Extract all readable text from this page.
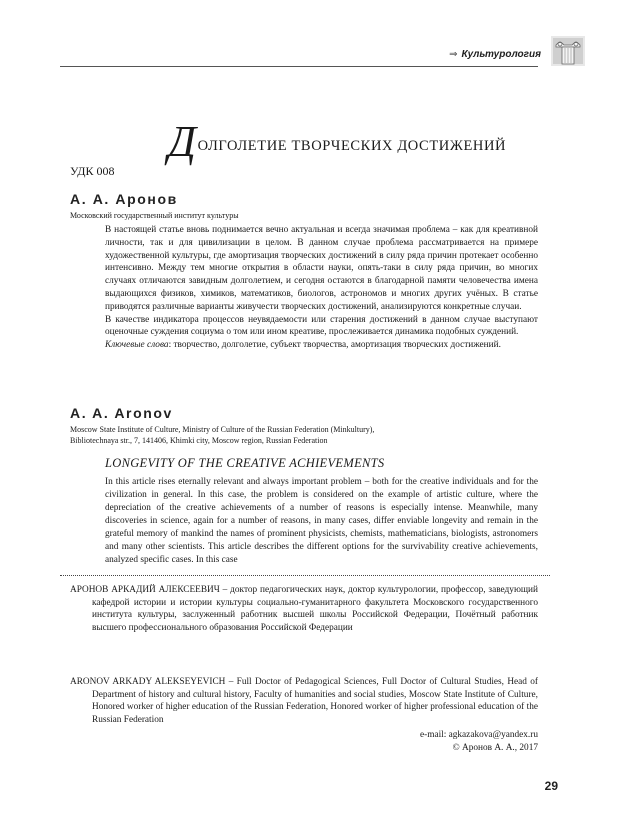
⇒ Культурология
ДОЛГОЛЕТИЕ ТВОРЧЕСКИХ ДОСТИЖЕНИЙ
УДК 008
А. А. Аронов
Московский государственный институт культуры

В настоящей статье вновь поднимается вечно актуальная и всегда значимая проблема – как для креативной личности, так и для цивилизации в целом. В данном случае проблема рассматривается на примере художественной культуры, где амортизация творческих достижений в силу ряда причин протекает особенно интенсивно. Между тем многие открытия в области науки, опять-таки в силу ряда причин, во многих случаях отличаются завидным долголетием, и сегодня остаются в благодарной памяти человечества имена выдающихся физиков, химиков, математиков, биологов, астрономов и многих других учёных. В статье приводятся различные варианты живучести творческих достижений, анализируются конкретные случаи.

В качестве индикатора процессов неувядаемости или старения достижений в данном случае выступают оценочные суждения социума о том или ином креативе, прослеживается динамика подобных суждений.

Ключевые слова: творчество, долголетие, субъект творчества, амортизация творческих достижений.

A. A. Aronov
Moscow State Institute of Culture, Ministry of Culture of the Russian Federation (Minkultury),
Bibliotechnaya str., 7, 141406, Khimki city, Moscow region, Russian Federation
LONGEVITY OF THE CREATIVE ACHIEVEMENTS

In this article rises eternally relevant and always important problem – both for the creative individuals and for the civilization in general. In this case, the problem is considered on the example of artistic culture, where the depreciation of the creative achievements of a number of reasons is especially intense. Meanwhile, many discoveries in science, again for a number of reasons, in many cases, differ enviable longevity and remain in the grateful memory of mankind the names of prominent physicists, chemists, mathematicians, biologists, astronomers and many other scientists. This article describes the different options for the survivability creative achievements, analyzed specific cases. In this case

АРОНОВ АРКАДИЙ АЛЕКСЕЕВИЧ – доктор педагогических наук, доктор культурологии, профессор, заведующий кафедрой истории и истории культуры социально-гуманитарного факультета Московского государственного института культуры, заслуженный работник высшей школы Российской Федерации, Почётный работник высшего профессионального образования Российской Федерации
ARONOV ARKADY ALEKSEYEVICH – Full Doctor of Pedagogical Sciences, Full Doctor of Cultural Studies, Head of Department of history and cultural history, Faculty of humanities and social studies, Moscow State Institute of Culture, Honored worker of higher education of the Russian Federation, Honored worker of higher professional education of the Russian Federation
e-mail: agkazakova@yandex.ru
© Аронов А. А., 2017
29
